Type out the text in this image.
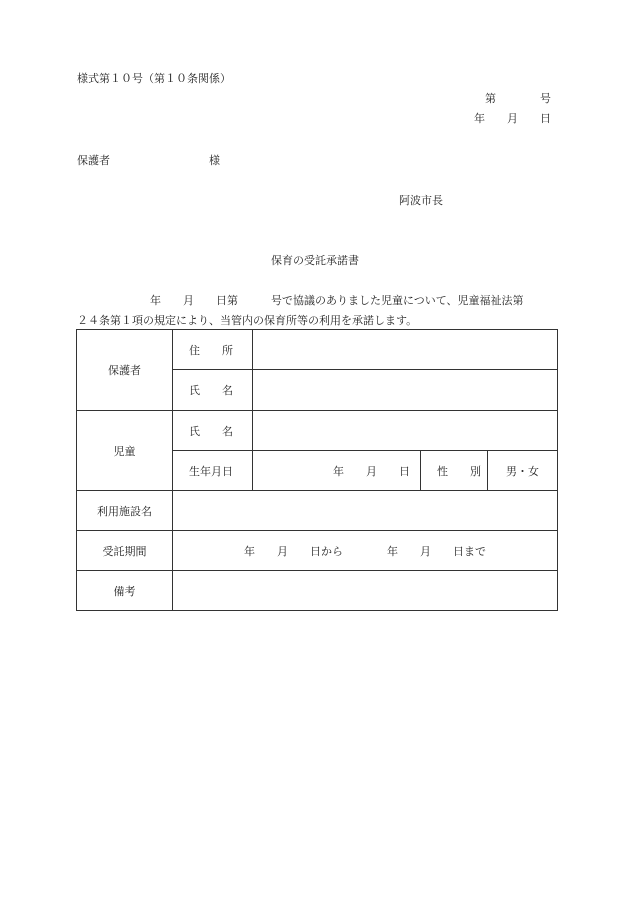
様式第１０号（第１０条関係）
第　　　　号
年　　月　　日
保護者　　　　　　　　　様
阿波市長
保育の受託承諾書
年　　月　　日第　　　号で協議のありました児童について、児童福祉法第
２４条第１項の規定により、当管内の保育所等の利用を承諾します。
保護者	住　　所			
	氏　　名			
児童	氏　　名			
	生年月日	年　　月　　日	性　　別	男・女
利用施設名				
受託期間	年　　月　　日から　　　　年　　月　　日まで			
備考				
